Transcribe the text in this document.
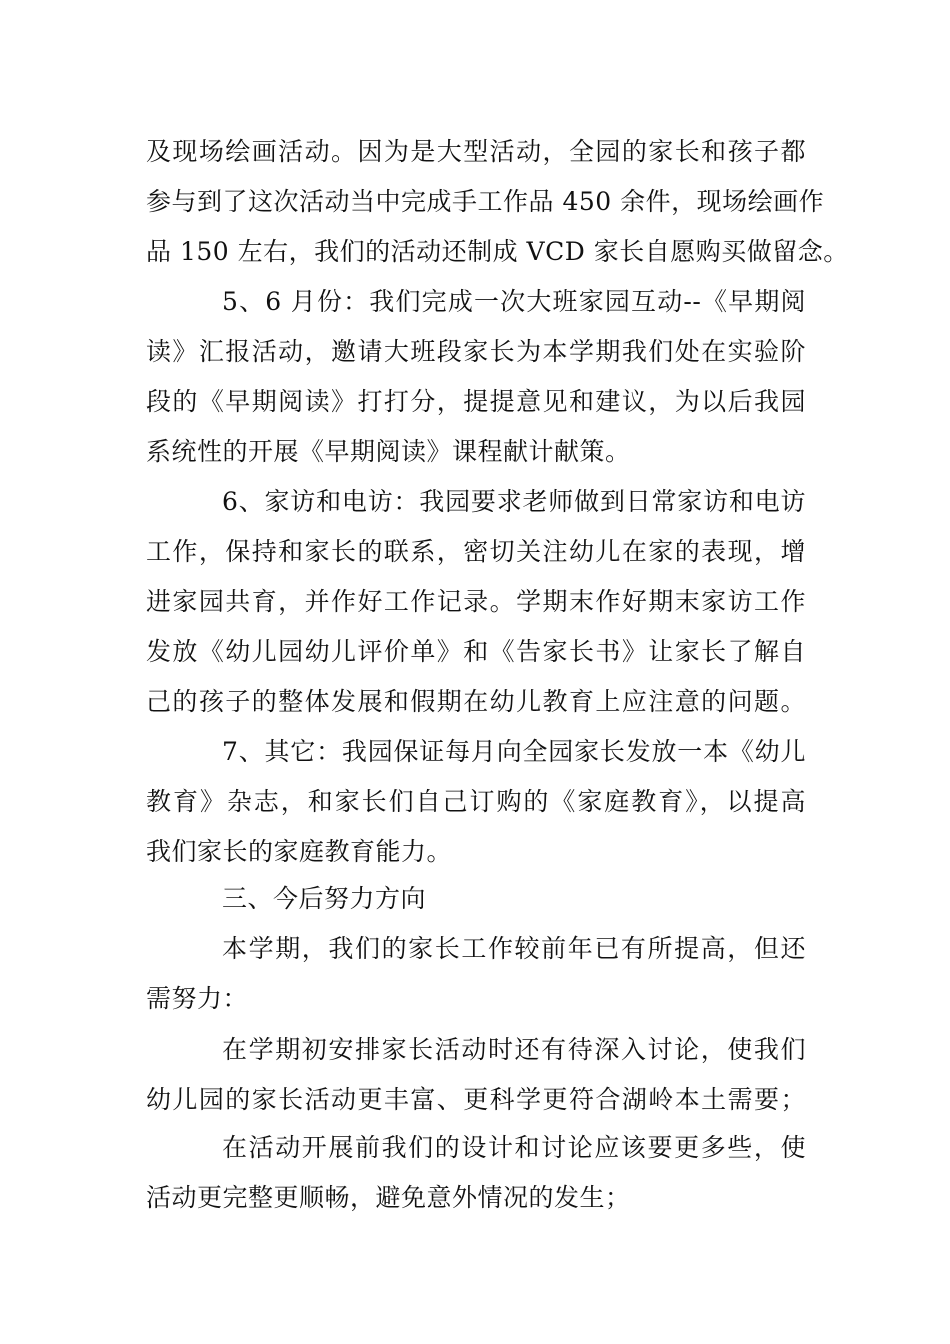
及现场绘画活动。因为是大型活动，全园的家长和孩子都
参与到了这次活动当中完成手工作品 450 余件，现场绘画作
品 150 左右，我们的活动还制成 VCD 家长自愿购买做留念。
5、6 月份：我们完成一次大班家园互动--《早期阅
读》汇报活动，邀请大班段家长为本学期我们处在实验阶
段的《早期阅读》打打分，提提意见和建议，为以后我园
系统性的开展《早期阅读》课程献计献策。
6、家访和电访：我园要求老师做到日常家访和电访
工作，保持和家长的联系，密切关注幼儿在家的表现，增
进家园共育，并作好工作记录。学期末作好期末家访工作
发放《幼儿园幼儿评价单》和《告家长书》让家长了解自
己的孩子的整体发展和假期在幼儿教育上应注意的问题。
7、其它：我园保证每月向全园家长发放一本《幼儿
教育》杂志，和家长们自己订购的《家庭教育》，以提高
我们家长的家庭教育能力。
三、今后努力方向
本学期，我们的家长工作较前年已有所提高，但还
需努力：
在学期初安排家长活动时还有待深入讨论，使我们
幼儿园的家长活动更丰富、更科学更符合湖岭本土需要；
在活动开展前我们的设计和讨论应该要更多些，使
活动更完整更顺畅，避免意外情况的发生；
